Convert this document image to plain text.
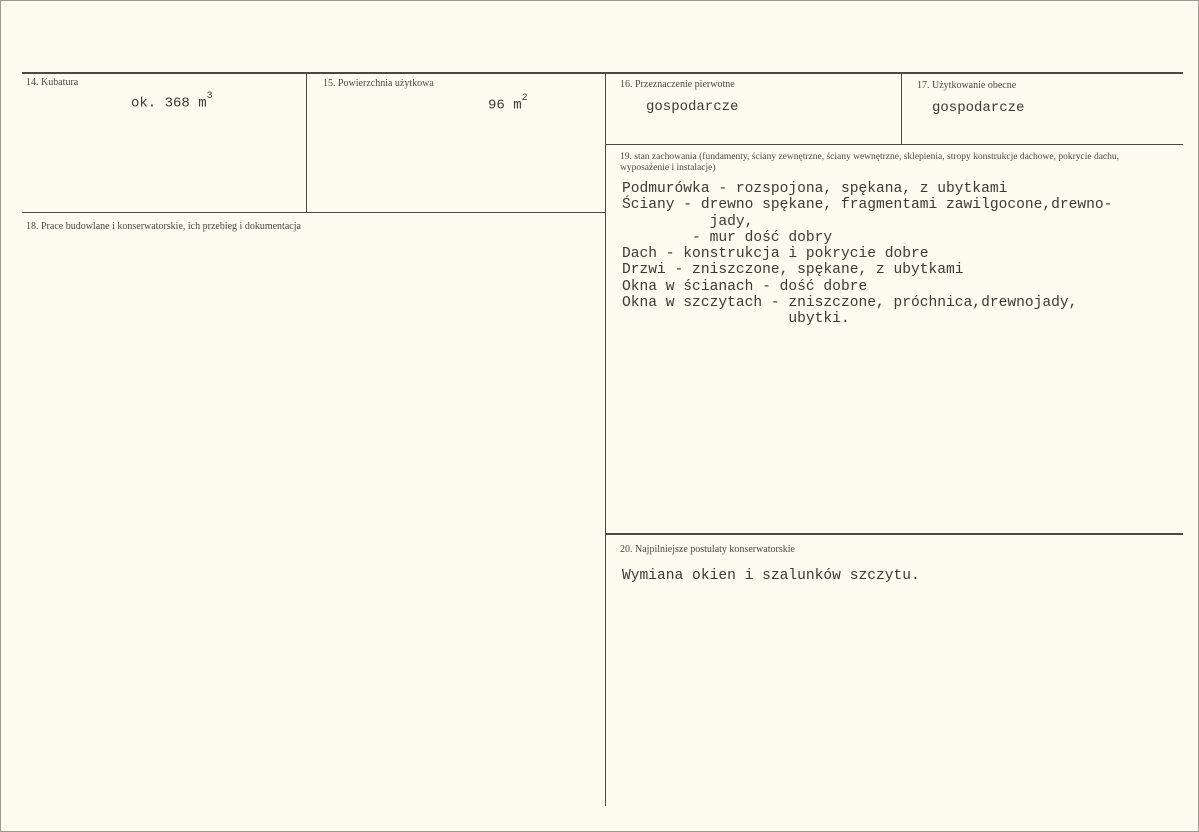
14. Kubatura
ok. 368 $m^3$
15. Powierzchnia użytkowa
96 $m^2$
16. Przeznaczenie pierwotne
gospodarcze
17. Użytkowanie obecne
gospodarcze
18. Prace budowlane i konserwatorskie, ich przebieg i dokumentacja
19. stan zachowania (fundamenty, ściany zewnętrzne, ściany wewnętrzne, sklepienia, stropy konstrukcje dachowe, pokrycie dachu, wyposażenie i instalacje)
Podmurówka - rozspojona, spękana, z ubytkami
Ściany - drewno spękane, fragmentami zawilgocone,drewno-
jady,
- mur dość dobry
Dach - konstrukcja i pokrycie dobre
Drzwi - zniszczone, spękane, z ubytkami
Okna w ścianach - dość dobre
Okna w szczytach - zniszczone, próchnica,drewnojady,
ubytki.
20. Najpilniejsze postulaty konserwatorskie
Wymiana okien i szalunków szczytu.
